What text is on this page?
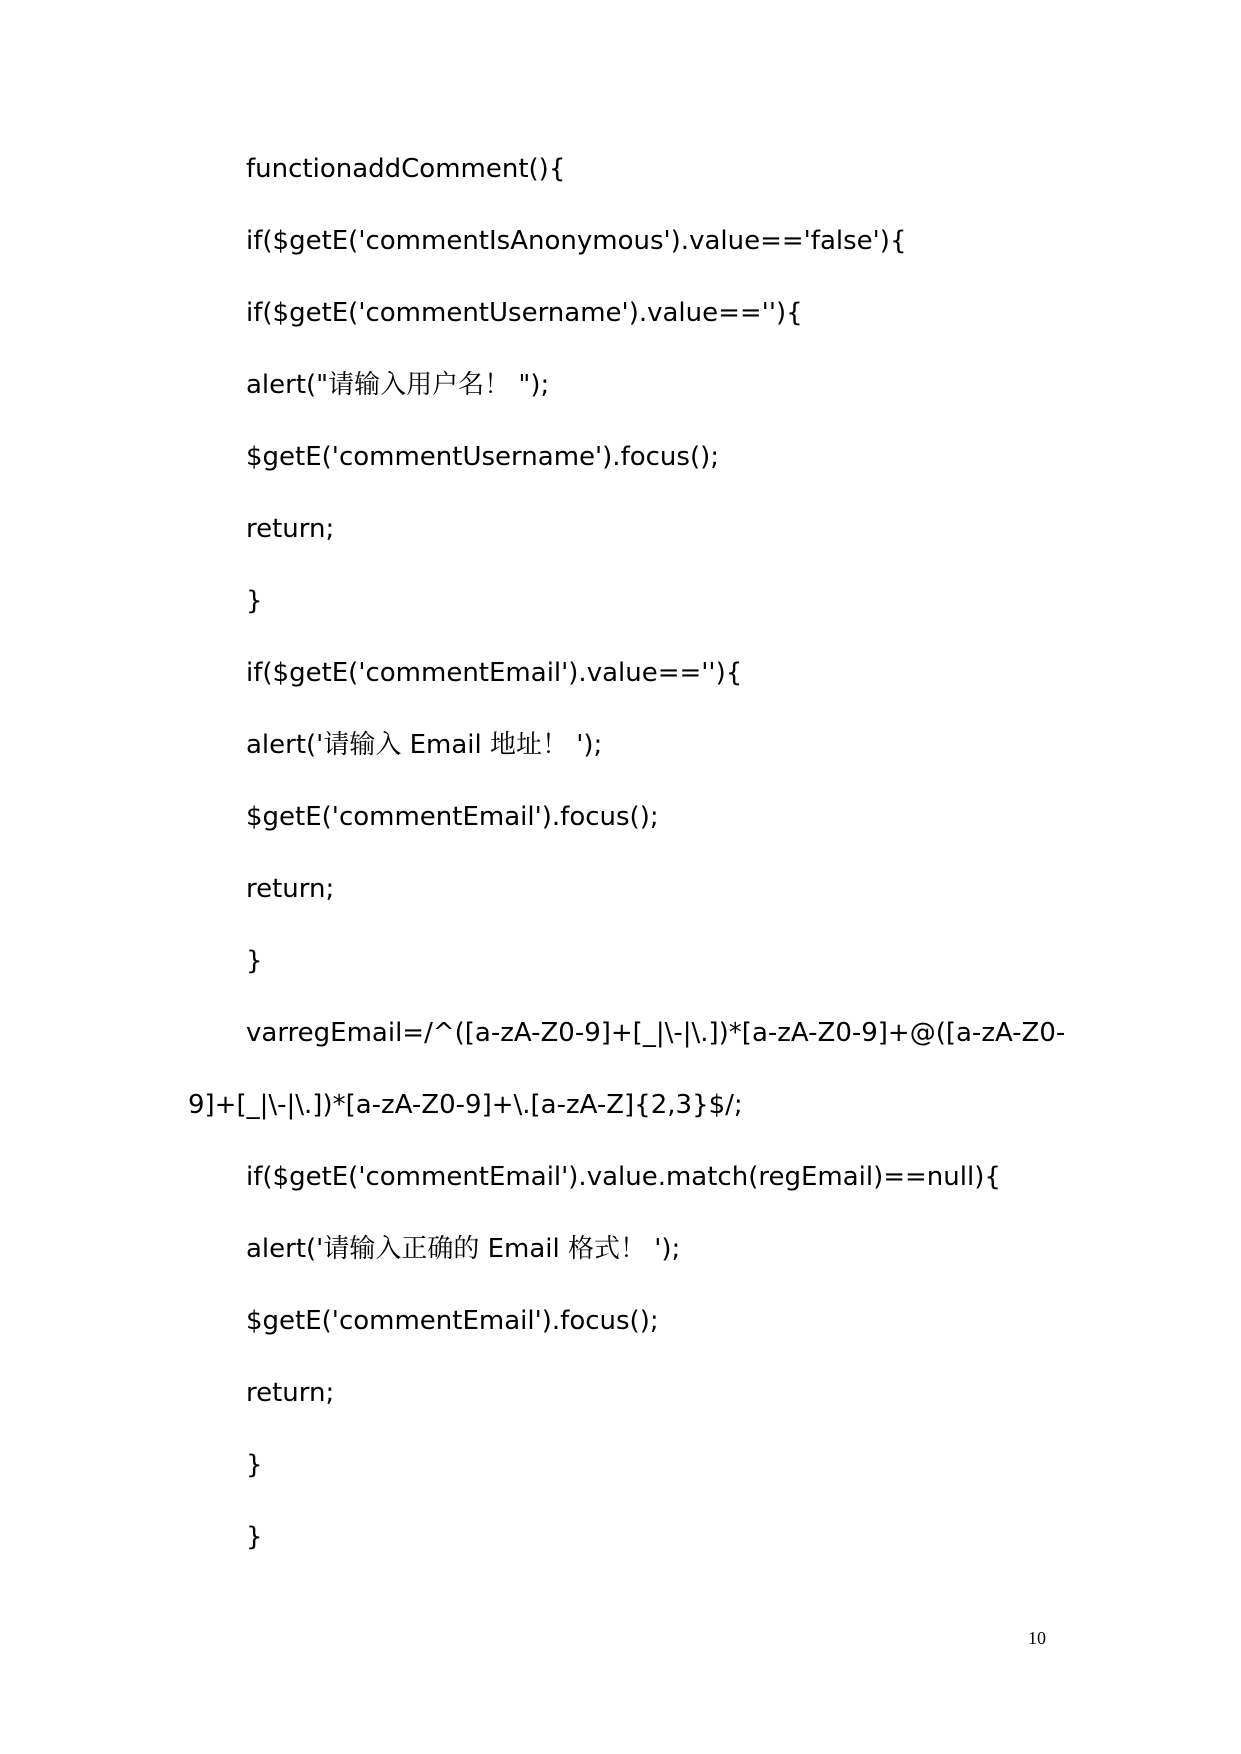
functionaddComment(){

if($getE('commentIsAnonymous').value=='false'){

if($getE('commentUsername').value==''){

alert("请输入用户名！ ");

$getE('commentUsername').focus();

return;

}

if($getE('commentEmail').value==''){

alert('请输入 Email 地址！ ');

$getE('commentEmail').focus();

return;

}

varregEmail=/^([a-zA-Z0-9]+[_|\-|\.])*[a-zA-Z0-9]+@([a-zA-Z0-

9]+[_|\-|\.])*[a-zA-Z0-9]+\.[a-zA-Z]{2,3}$/;

if($getE('commentEmail').value.match(regEmail)==null){

alert('请输入正确的 Email 格式！ ');

$getE('commentEmail').focus();

return;

}

}

10
